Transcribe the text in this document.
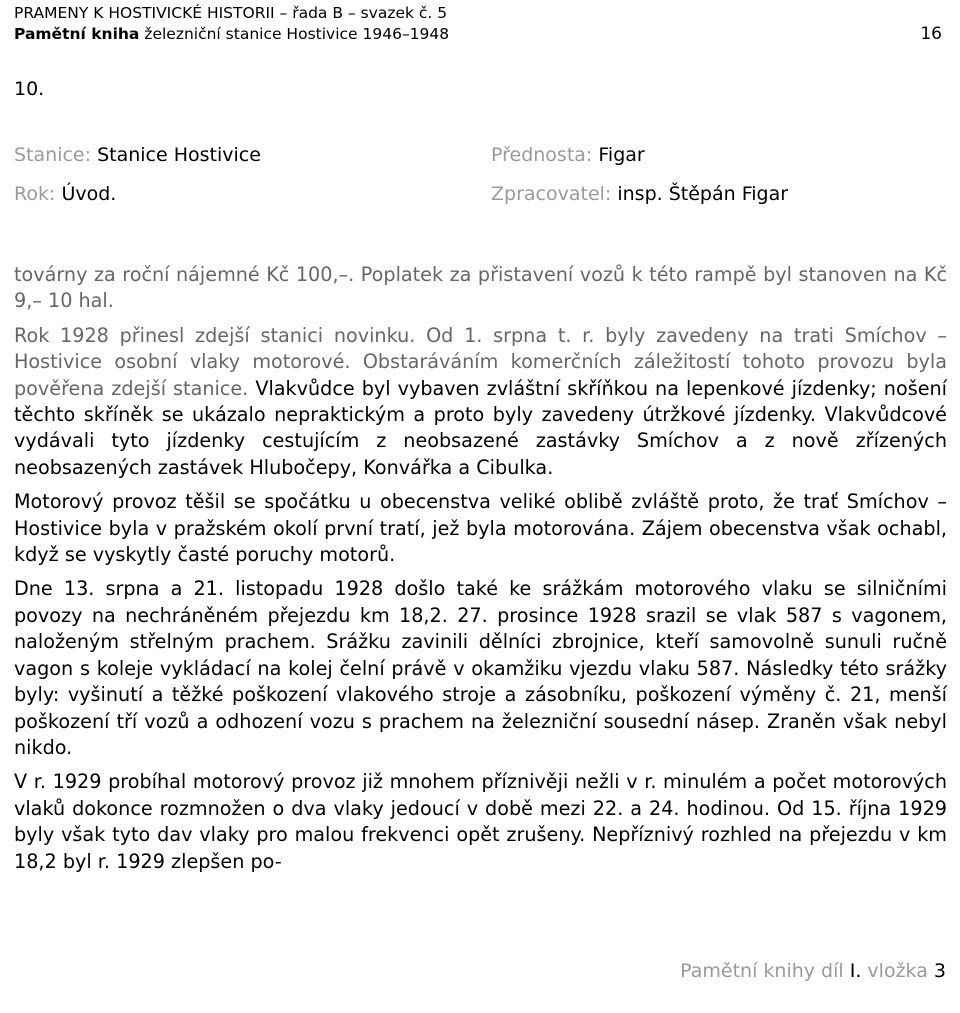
PRAMENY K HOSTIVICKÉ HISTORII – řada B – svazek č. 5
Pamětní kniha železniční stanice Hostivice 1946–1948	16
10.
Stanice: Stanice Hostivice
Rok: Úvod.
Přednosta: Figar
Zpracovatel: insp. Štěpán Figar

továrny za roční nájemné Kč 100,–. Poplatek za přistavení vozů k této rampě byl stanoven na Kč 9,– 10 hal.

Rok 1928 přinesl zdejší stanici novinku. Od 1. srpna t. r. byly zavedeny na trati Smíchov – Hostivice osobní vlaky motorové. Obstaráváním komerčních záležitostí tohoto provozu byla pověřena zdejší stanice. Vlakvůdce byl vybaven zvláštní skříňkou na lepenkové jízdenky; nošení těchto skříněk se ukázalo nepraktickým a proto byly zavedeny útržkové jízdenky. Vlakvůdcové vydávali tyto jízdenky cestujícím z neobsazené zastávky Smíchov a z nově zřízených neobsazených zastávek Hlubočepy, Konvářka a Cibulka.

Motorový provoz těšil se spočátku u obecenstva veliké oblibě zvláště proto, že trať Smíchov – Hostivice byla v pražském okolí první tratí, jež byla motorována. Zájem obecenstva však ochabl, když se vyskytly časté poruchy motorů.

Dne 13. srpna a 21. listopadu 1928 došlo také ke srážkám motorového vlaku se silničními povozy na nechráněném přejezdu km 18,2. 27. prosince 1928 srazil se vlak 587 s vagonem, naloženým střelným prachem. Srážku zavinili dělníci zbrojnice, kteří samovolně sunuli ručně vagon s koleje vykládací na kolej čelní právě v okamžiku vjezdu vlaku 587. Následky této srážky byly: vyšinutí a těžké poškození vlakového stroje a zásobníku, poškození výměny č. 21, menší poškození tří vozů a odhození vozu s prachem na železniční sousední násep. Zraněn však nebyl nikdo.

V r. 1929 probíhal motorový provoz již mnohem příznivěji nežli v r. minulém a počet motorových vlaků dokonce rozmnožen o dva vlaky jedoucí v době mezi 22. a 24. hodinou. Od 15. října 1929 byly však tyto dav vlaky pro malou frekvenci opět zrušeny. Nepříznivý rozhled na přejezdu v km 18,2 byl r. 1929 zlepšen po-

Pamětní knihy díl I. vložka 3
